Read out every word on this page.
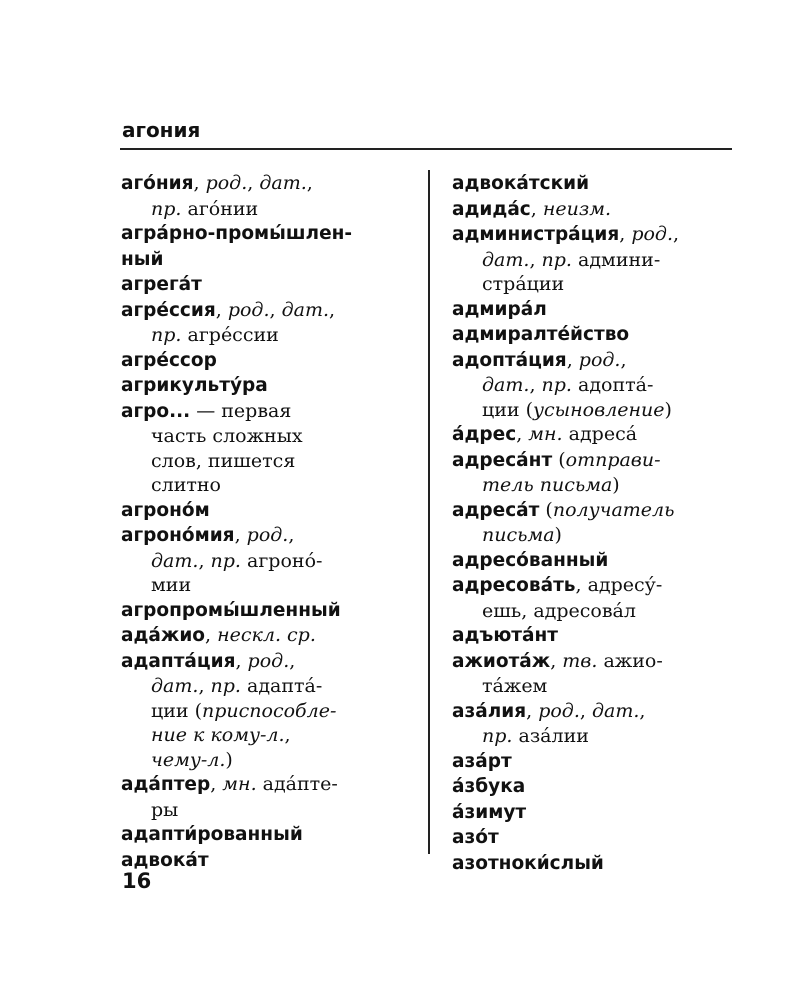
агония
аго́ния, род., дат.,
пр. аго́нии
агра́рно-промы́шлен-
ный
агрега́т
агре́ссия, род., дат.,
пр. агре́ссии
агре́ссор
агрикульту́ра
агро... — первая
часть сложных
слов, пишется
слитно
агроно́м
агроно́мия, род.,
дат., пр. агроно́-
мии
агропромы́шленный
ада́жио, нескл. ср.
адапта́ция, род.,
дат., пр. адапта́-
ции (приспособле-
ние к кому-л.,
чему-л.)
ада́птер, мн. ада́пте-
ры
адапти́рованный
адвока́т
адвока́тский
адида́с, неизм.
администра́ция, род.,
дат., пр. админи-
стра́ции
адмира́л
адмиралте́йство
адопта́ция, род.,
дат., пр. адопта́-
ции (усыновление)
а́дрес, мн. адреса́
адреса́нт (отправи-
тель письма)
адреса́т (получатель
письма)
адресо́ванный
адресова́ть, адресу́-
ешь, адресова́л
адъюта́нт
ажиота́ж, тв. ажио-
та́жем
аза́лия, род., дат.,
пр. аза́лии
аза́рт
а́збука
а́зимут
азо́т
азотноки́слый
16
